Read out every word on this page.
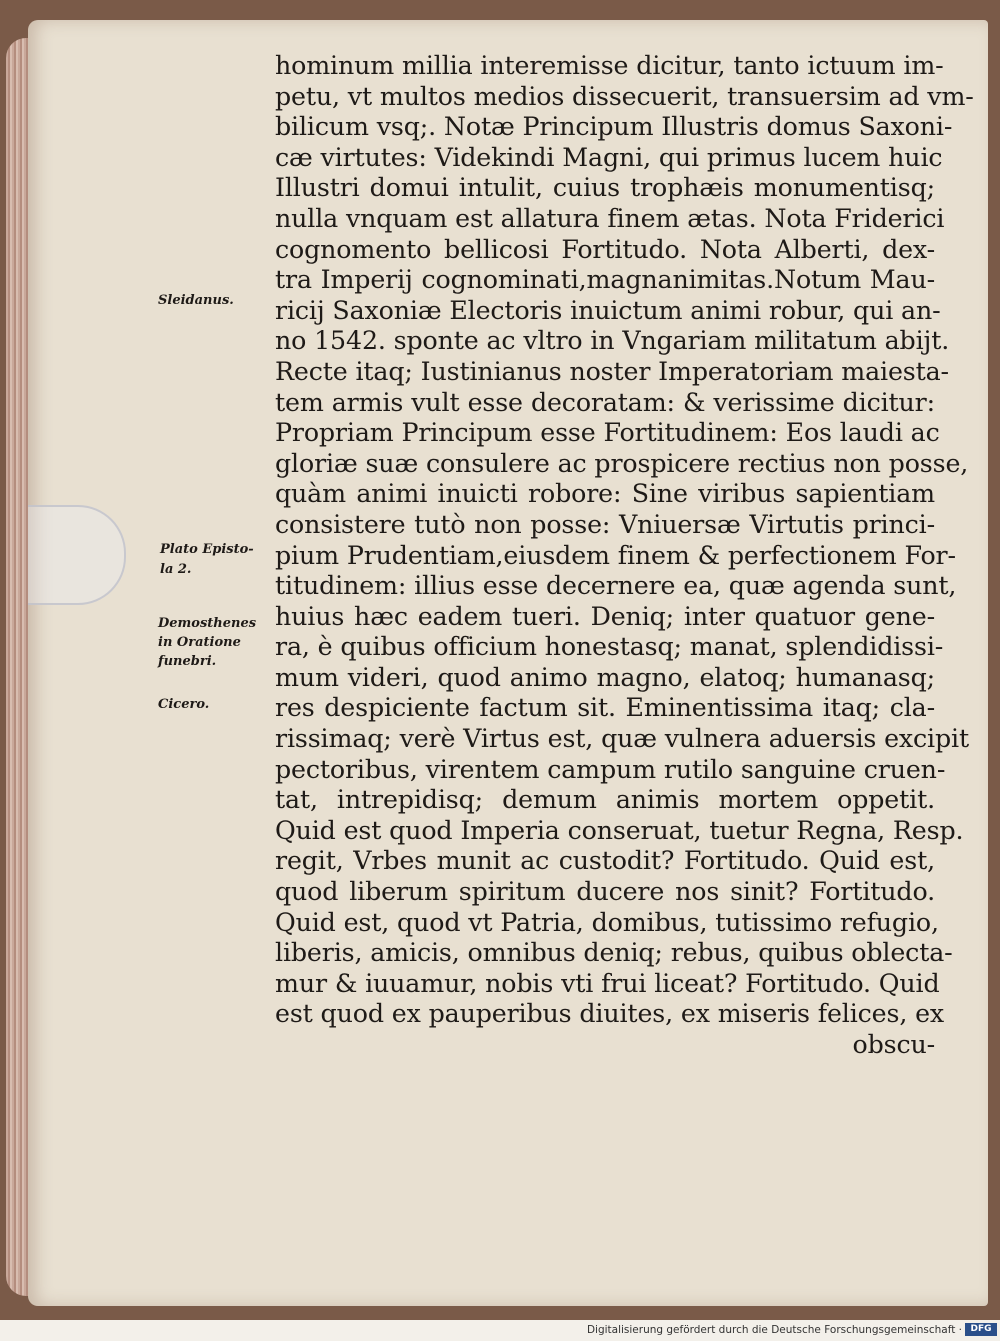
hominum millia interemisse dicitur, tanto ictuum im-
petu, vt multos medios dissecuerit, transuersim ad vm-
bilicum vsq;. Notæ Principum Illustris domus Saxoni-
cæ virtutes: Videkindi Magni, qui primus lucem huic
Illustri domui intulit, cuius trophæis monumentisq;
nulla vnquam est allatura finem ætas. Nota Friderici
cognomento bellicosi Fortitudo. Nota Alberti, dex-
tra Imperij cognominati,magnanimitas.Notum Mau-
ricij Saxoniæ Electoris inuictum animi robur, qui an-
no 1542. sponte ac vltro in Vngariam militatum abijt.
Recte itaq; Iustinianus noster Imperatoriam maiesta-
tem armis vult esse decoratam: & verissime dicitur:
Propriam Principum esse Fortitudinem: Eos laudi ac
gloriæ suæ consulere ac prospicere rectius non posse,
quàm animi inuicti robore: Sine viribus sapientiam
consistere tutò non posse: Vniuersæ Virtutis princi-
pium Prudentiam,eiusdem finem & perfectionem For-
titudinem: illius esse decernere ea, quæ agenda sunt,
huius hæc eadem tueri. Deniq; inter quatuor gene-
ra, è quibus officium honestasq; manat, splendidissi-
mum videri, quod animo magno, elatoq; humanasq;
res despiciente factum sit. Eminentissima itaq; cla-
rissimaq; verè Virtus est, quæ vulnera aduersis excipit
pectoribus, virentem campum rutilo sanguine cruen-
tat, intrepidisq; demum animis mortem oppetit.
Quid est quod Imperia conseruat, tuetur Regna, Resp.
regit, Vrbes munit ac custodit? Fortitudo. Quid est,
quod liberum spiritum ducere nos sinit? Fortitudo.
Quid est, quod vt Patria, domibus, tutissimo refugio,
liberis, amicis, omnibus deniq; rebus, quibus oblecta-
mur & iuuamur, nobis vti frui liceat? Fortitudo. Quid
est quod ex pauperibus diuites, ex miseris felices, ex
obscu-
Sleidanus.
Plato Episto-
la 2.
Demosthenes
in Oratione
funebri.
Cicero.
Digitalisierung gefördert durch die Deutsche Forschungsgemeinschaft · DFG
